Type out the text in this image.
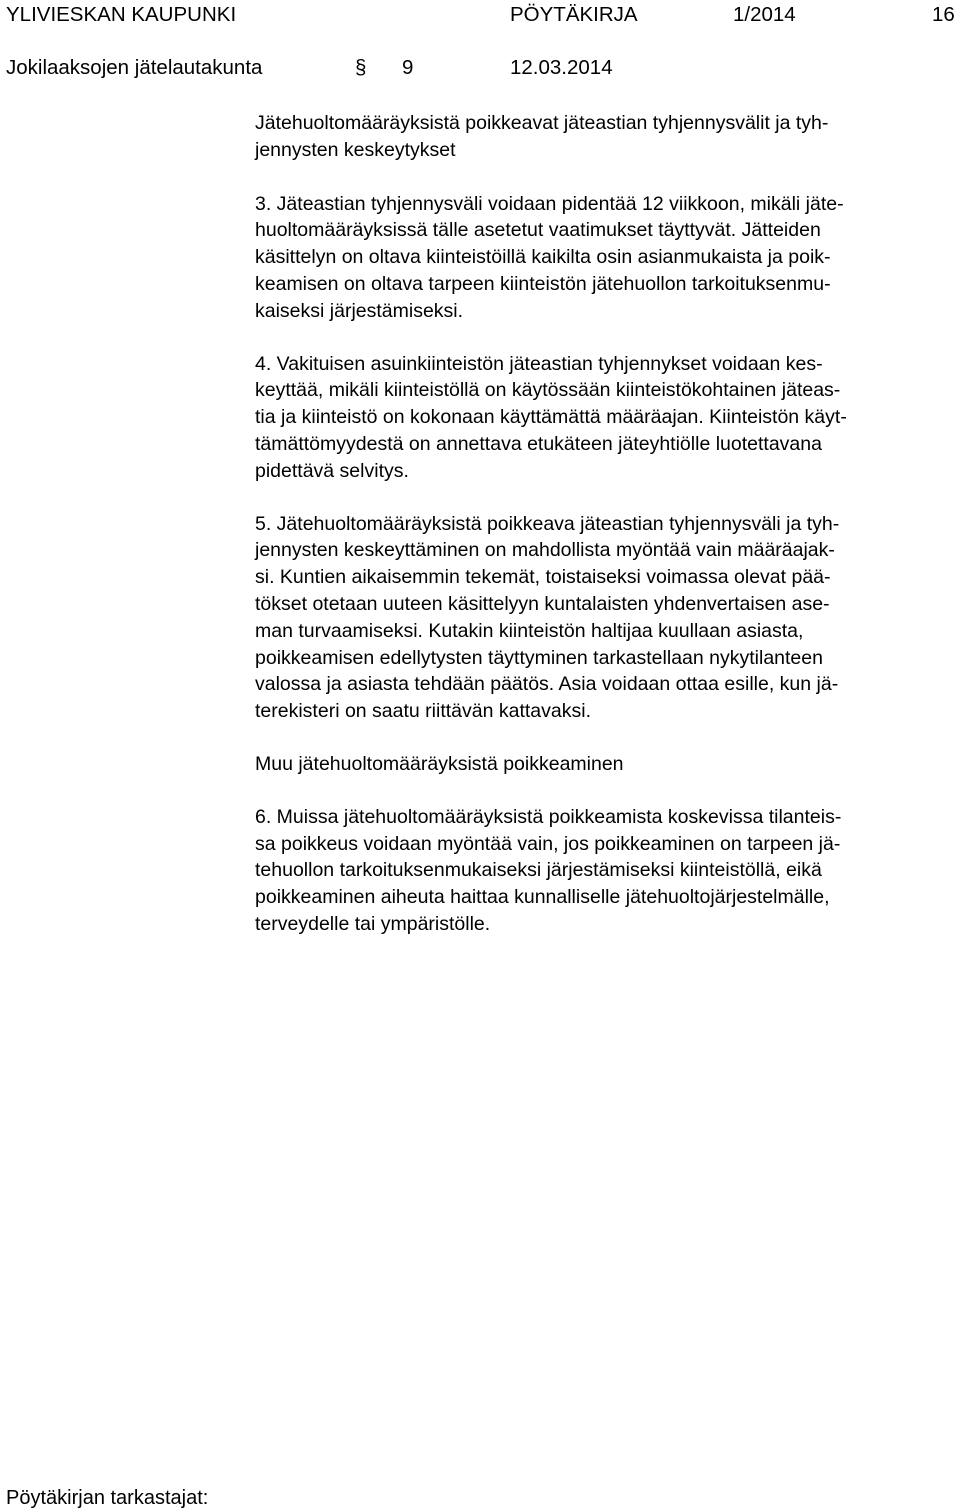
YLIVIESKAN KAUPUNKI	PÖYTÄKIRJA	1/2014	16
Jokilaaksojen jätelautakunta	§ 9	12.03.2014

Jätehuoltomääräyksistä poikkeavat jäteastian tyhjennysvälit ja tyh-
jennysten keskeytykset

3. Jäteastian tyhjennysväli voidaan pidentää 12 viikkoon, mikäli jäte-
huoltomääräyksissä tälle asetetut vaatimukset täyttyvät. Jätteiden
käsittelyn on oltava kiinteistöillä kaikilta osin asianmukaista ja poik-
keamisen on oltava tarpeen kiinteistön jätehuollon tarkoituksenmu-
kaiseksi järjestämiseksi.

4. Vakituisen asuinkiinteistön jäteastian tyhjennykset voidaan kes-
keyttää, mikäli kiinteistöllä on käytössään kiinteistökohtainen jäteas-
tia ja kiinteistö on kokonaan käyttämättä määräajan. Kiinteistön käyt-
tämättömyydestä on annettava etukäteen jäteyhtiölle luotettavana
pidettävä selvitys.

5. Jätehuoltomääräyksistä poikkeava jäteastian tyhjennysväli ja tyh-
jennysten keskeyttäminen on mahdollista myöntää vain määräajak-
si. Kuntien aikaisemmin tekemät, toistaiseksi voimassa olevat pää-
tökset otetaan uuteen käsittelyyn kuntalaisten yhdenvertaisen ase-
man turvaamiseksi. Kutakin kiinteistön haltijaa kuullaan asiasta,
poikkeamisen edellytysten täyttyminen tarkastellaan nykytilanteen
valossa ja asiasta tehdään päätös. Asia voidaan ottaa esille, kun jä-
terekisteri on saatu riittävän kattavaksi.

Muu jätehuoltomääräyksistä poikkeaminen

6. Muissa jätehuoltomääräyksistä poikkeamista koskevissa tilanteis-
sa poikkeus voidaan myöntää vain, jos poikkeaminen on tarpeen jä-
tehuollon tarkoituksenmukaiseksi järjestämiseksi kiinteistöllä, eikä
poikkeaminen aiheuta haittaa kunnalliselle jätehuoltojärjestelmälle,
terveydelle tai ympäristölle.

Pöytäkirjan tarkastajat:
